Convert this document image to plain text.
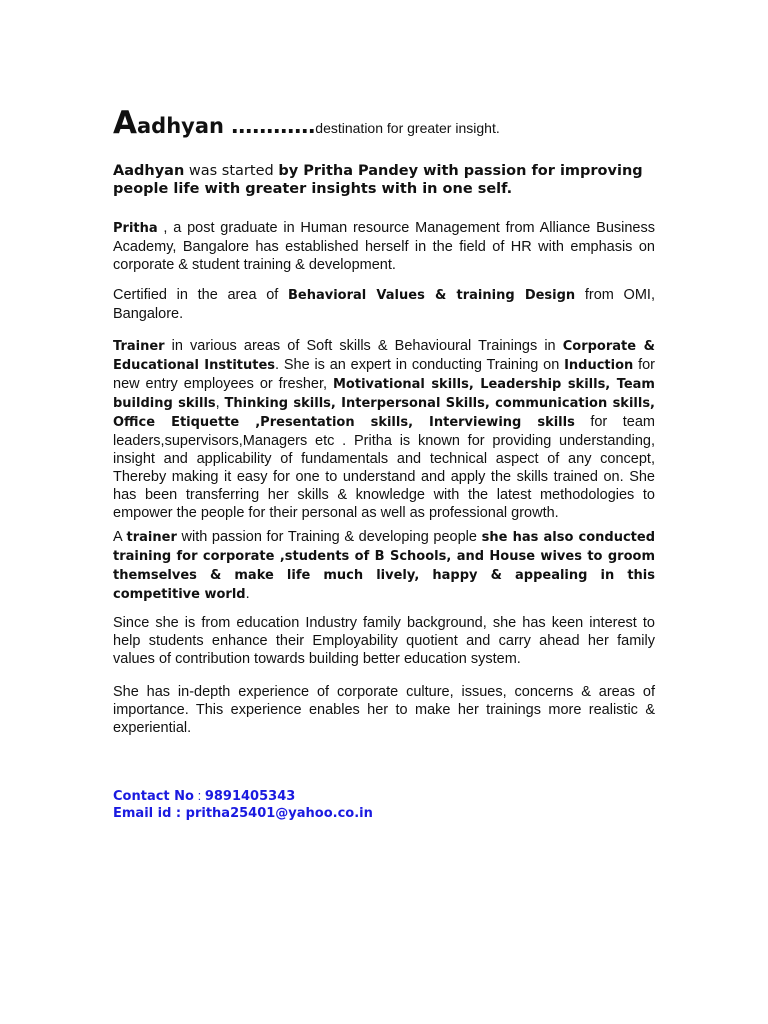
Aadhyan …………destination for greater insight.
Aadhyan was started by Pritha Pandey with passion for improving people life with greater insights with in one self.
Pritha , a post graduate in Human resource Management from Alliance Business Academy, Bangalore has established herself in the field of HR with emphasis on corporate & student training & development.
Certified in the area of Behavioral Values & training Design from OMI, Bangalore.
Trainer in various areas of Soft skills & Behavioural Trainings in Corporate & Educational Institutes. She is an expert in conducting Training on Induction for new entry employees or fresher, Motivational skills, Leadership skills, Team building skills, Thinking skills, Interpersonal Skills, communication skills, Office Etiquette ,Presentation skills, Interviewing skills for team leaders,supervisors,Managers etc . Pritha is known for providing understanding, insight and applicability of fundamentals and technical aspect of any concept, Thereby making it easy for one to understand and apply the skills trained on. She has been transferring her skills & knowledge with the latest methodologies to empower the people for their personal as well as professional growth.
A trainer with passion for Training & developing people she has also conducted training for corporate ,students of B Schools, and House wives to groom themselves & make life much lively, happy & appealing in this competitive world.
Since she is from education Industry family background, she has keen interest to help students enhance their Employability quotient and carry ahead her family values of contribution towards building better education system.
She has in-depth experience of corporate culture, issues, concerns & areas of importance. This experience enables her to make her trainings more realistic & experiential.
Contact No : 9891405343
Email id : pritha25401@yahoo.co.in
